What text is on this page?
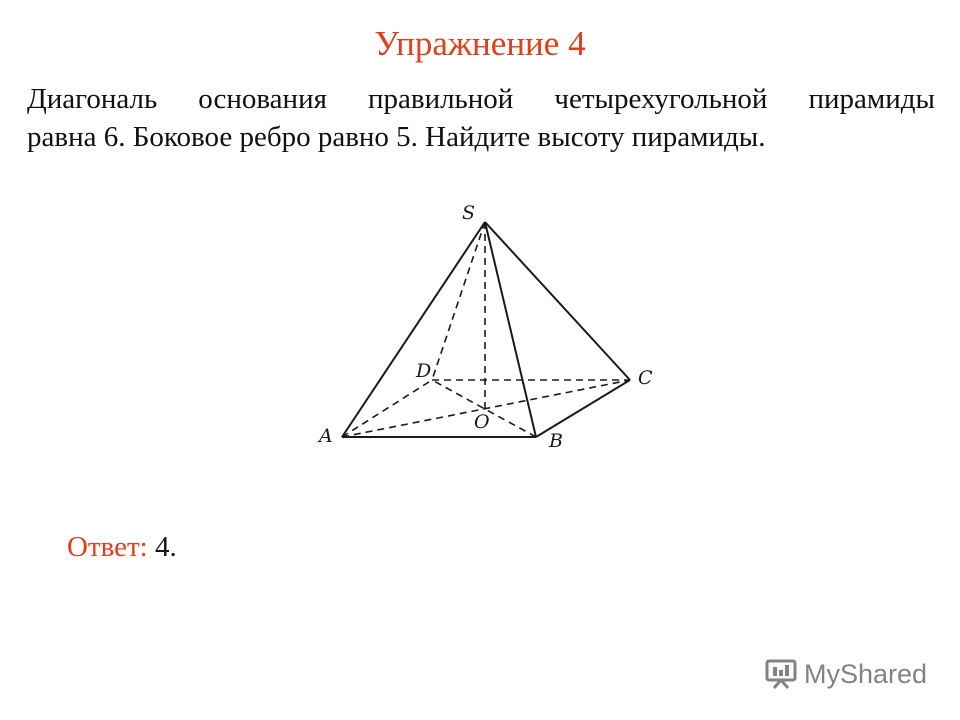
Упражнение 4
Диагональ основания правильной четырехугольной пирамиды
равна 6. Боковое ребро равно 5. Найдите высоту пирамиды.
S
A	B
C
D
O
Ответ: 4.
MyShared
